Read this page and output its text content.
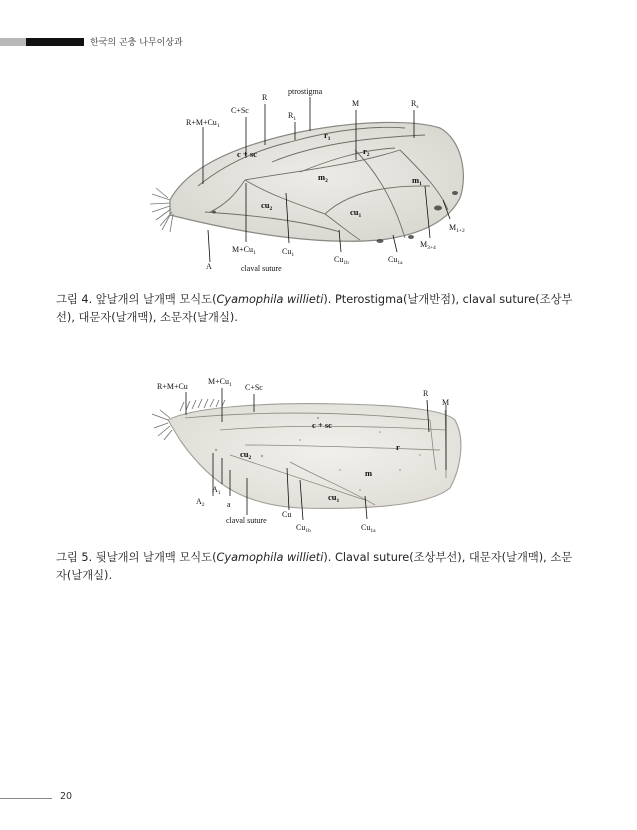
한국의 곤충 나무이상과
R
ptrostigma
M	$R_s$
C+Sc
$R_1$
$R+M+Cu_1$
$r_1$
c + sc	$r_2$
$m_2$	$m_1$
$cu_2$	$cu_1$
A
$M+Cu_1$	$Cu_1$
claval suture
$Cu_{1b}$	$Cu_{1a}$
$M_{3+4}$
$M_{1+2}$
R+M+Cu
$M+Cu_1$ C+Sc
R
M
c + sc
r
$cu_2$
m
$cu_1$
$A_1$
$A_2$	a
claval suture
Cu
$Cu_{1b}$	$Cu_{1a}$
그림 4. 앞날개의 날개맥 모식도(Cyamophila willieti). Pterostigma(날개반점), claval suture(조상부선), 대문자(날개맥), 소문자(날개실).
그림 5. 뒷날개의 날개맥 모식도(Cyamophila willieti). Claval suture(조상부선), 대문자(날개맥), 소문자(날개실).
20
